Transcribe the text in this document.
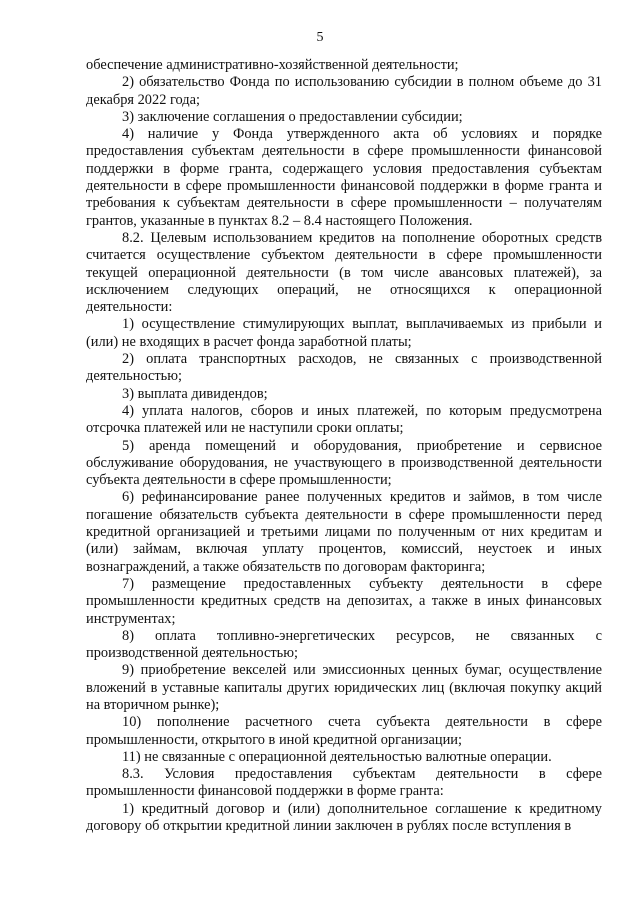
5

обеспечение административно-хозяйственной деятельности;

2) обязательство Фонда по использованию субсидии в полном объеме до 31 декабря 2022 года;

3) заключение соглашения о предоставлении субсидии;

4) наличие у Фонда утвержденного акта об условиях и порядке предоставления субъектам деятельности в сфере промышленности финансовой поддержки в форме гранта, содержащего условия предоставления субъектам деятельности в сфере промышленности финансовой поддержки в форме гранта и требования к субъектам деятельности в сфере промышленности – получателям грантов, указанные в пунктах 8.2 – 8.4 настоящего Положения.

8.2. Целевым использованием кредитов на пополнение оборотных средств считается осуществление субъектом деятельности в сфере промышленности текущей операционной деятельности (в том числе авансовых платежей), за исключением следующих операций, не относящихся к операционной деятельности:

1) осуществление стимулирующих выплат, выплачиваемых из прибыли и (или) не входящих в расчет фонда заработной платы;

2) оплата транспортных расходов, не связанных с производственной деятельностью;

3) выплата дивидендов;

4) уплата налогов, сборов и иных платежей, по которым предусмотрена отсрочка платежей или не наступили сроки оплаты;

5) аренда помещений и оборудования, приобретение и сервисное обслуживание оборудования, не участвующего в производственной деятельности субъекта деятельности в сфере промышленности;

6) рефинансирование ранее полученных кредитов и займов, в том числе погашение обязательств субъекта деятельности в сфере промышленности перед кредитной организацией и третьими лицами по полученным от них кредитам и (или) займам, включая уплату процентов, комиссий, неустоек и иных вознаграждений, а также обязательств по договорам факторинга;

7) размещение предоставленных субъекту деятельности в сфере промышленности кредитных средств на депозитах, а также в иных финансовых инструментах;

8) оплата топливно-энергетических ресурсов, не связанных с производственной деятельностью;

9) приобретение векселей или эмиссионных ценных бумаг, осуществление вложений в уставные капиталы других юридических лиц (включая покупку акций на вторичном рынке);

10) пополнение расчетного счета субъекта деятельности в сфере промышленности, открытого в иной кредитной организации;

11) не связанные с операционной деятельностью валютные операции.

8.3. Условия предоставления субъектам деятельности в сфере промышленности финансовой поддержки в форме гранта:

1) кредитный договор и (или) дополнительное соглашение к кредитному договору об открытии кредитной линии заключен в рублях после вступления в
